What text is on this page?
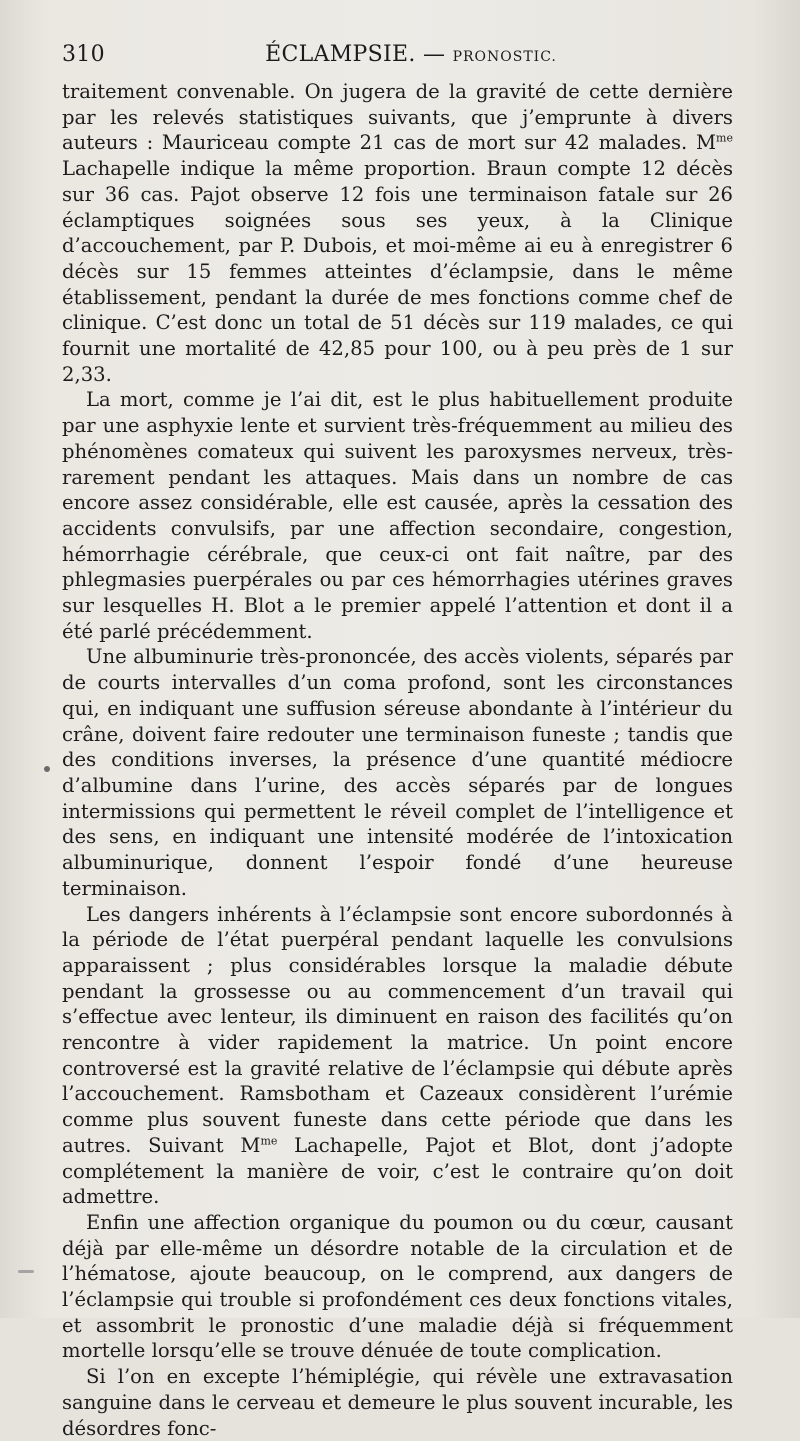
310	ÉCLAMPSIE. — PRONOSTIC.

traitement convenable. On jugera de la gravité de cette dernière par les relevés statistiques suivants, que j’emprunte à divers auteurs : Mauriceau compte 21 cas de mort sur 42 malades. $M^{me}$ Lachapelle indique la même proportion. Braun compte 12 décès sur 36 cas. Pajot observe 12 fois une terminaison fatale sur 26 éclamptiques soignées sous ses yeux, à la Clinique d’accouchement, par P. Dubois, et moi-même ai eu à enregistrer 6 décès sur 15 femmes atteintes d’éclampsie, dans le même établissement, pendant la durée de mes fonctions comme chef de clinique. C’est donc un total de 51 décès sur 119 malades, ce qui fournit une mortalité de 42,85 pour 100, ou à peu près de 1 sur 2,33.

La mort, comme je l’ai dit, est le plus habituellement produite par une asphyxie lente et survient très-fréquemment au milieu des phénomènes comateux qui suivent les paroxysmes nerveux, très-rarement pendant les attaques. Mais dans un nombre de cas encore assez considérable, elle est causée, après la cessation des accidents convulsifs, par une affection secondaire, congestion, hémorrhagie cérébrale, que ceux-ci ont fait naître, par des phlegmasies puerpérales ou par ces hémorrhagies utérines graves sur lesquelles H. Blot a le premier appelé l’attention et dont il a été parlé précédemment.

Une albuminurie très-prononcée, des accès violents, séparés par de courts intervalles d’un coma profond, sont les circonstances qui, en indiquant une suffusion séreuse abondante à l’intérieur du crâne, doivent faire redouter une terminaison funeste ; tandis que des conditions inverses, la présence d’une quantité médiocre d’albumine dans l’urine, des accès séparés par de longues intermissions qui permettent le réveil complet de l’intelligence et des sens, en indiquant une intensité modérée de l’intoxication albuminurique, donnent l’espoir fondé d’une heureuse terminaison.

Les dangers inhérents à l’éclampsie sont encore subordonnés à la période de l’état puerpéral pendant laquelle les convulsions apparaissent ; plus considérables lorsque la maladie débute pendant la grossesse ou au commencement d’un travail qui s’effectue avec lenteur, ils diminuent en raison des facilités qu’on rencontre à vider rapidement la matrice. Un point encore controversé est la gravité relative de l’éclampsie qui débute après l’accouchement. Ramsbotham et Cazeaux considèrent l’urémie comme plus souvent funeste dans cette période que dans les autres. Suivant $M^{me}$ Lachapelle, Pajot et Blot, dont j’adopte complétement la manière de voir, c’est le contraire qu’on doit admettre.

Enfin une affection organique du poumon ou du cœur, causant déjà par elle-même un désordre notable de la circulation et de l’hématose, ajoute beaucoup, on le comprend, aux dangers de l’éclampsie qui trouble si profondément ces deux fonctions vitales, et assombrit le pronostic d’une maladie déjà si fréquemment mortelle lorsqu’elle se trouve dénuée de toute complication.

Si l’on en excepte l’hémiplégie, qui révèle une extravasation sanguine dans le cerveau et demeure le plus souvent incurable, les désordres fonc-
